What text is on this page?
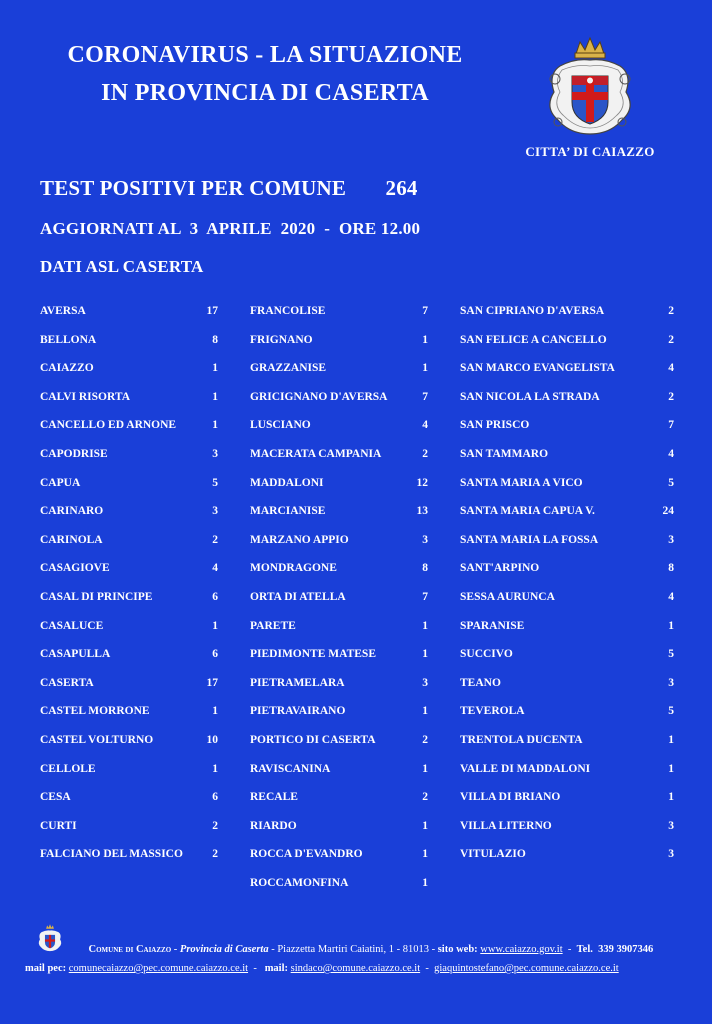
CORONAVIRUS - LA SITUAZIONE
IN PROVINCIA DI CASERTA
CITTA’ DI CAIAZZO
TEST POSITIVI PER COMUNE 264
AGGIORNATI AL  3  APRILE  2020  -  ORE 12.00
DATI ASL CASERTA
AVERSA	17
BELLONA	8
CAIAZZO	1
CALVI RISORTA	1
CANCELLO ED ARNONE	1
CAPODRISE	3
CAPUA	5
CARINARO	3
CARINOLA	2
CASAGIOVE	4
CASAL DI PRINCIPE	6
CASALUCE	1
CASAPULLA	6
CASERTA	17
CASTEL MORRONE	1
CASTEL VOLTURNO	10
CELLOLE	1
CESA	6
CURTI	2
FALCIANO DEL MASSICO	2
FRANCOLISE	7
FRIGNANO	1
GRAZZANISE	1
GRICIGNANO D'AVERSA	7
LUSCIANO	4
MACERATA CAMPANIA	2
MADDALONI	12
MARCIANISE	13
MARZANO APPIO	3
MONDRAGONE	8
ORTA DI ATELLA	7
PARETE	1
PIEDIMONTE MATESE	1
PIETRAMELARA	3
PIETRAVAIRANO	1
PORTICO DI CASERTA	2
RAVISCANINA	1
RECALE	2
RIARDO	1
ROCCA D'EVANDRO	1
ROCCAMONFINA	1
SAN CIPRIANO D'AVERSA	2
SAN FELICE A CANCELLO	2
SAN MARCO EVANGELISTA	4
SAN NICOLA LA STRADA	2
SAN PRISCO	7
SAN TAMMARO	4
SANTA MARIA A VICO	5
SANTA MARIA CAPUA V.	24
SANTA MARIA LA FOSSA	3
SANT'ARPINO	8
SESSA AURUNCA	4
SPARANISE	1
SUCCIVO	5
TEANO	3
TEVEROLA	5
TRENTOLA DUCENTA	1
VALLE DI MADDALONI	1
VILLA DI BRIANO	1
VILLA LITERNO	3
VITULAZIO	3

Comune di Caiazzo - Provincia di Caserta - Piazzetta Martiri Caiatini, 1 - 81013 - sito web: www.caiazzo.gov.it  -  Tel.  339 3907346

mail pec: comunecaiazzo@pec.comune.caiazzo.ce.it  -   mail: sindaco@comune.caiazzo.ce.it  -  giaquintostefano@pec.comune.caiazzo.ce.it
